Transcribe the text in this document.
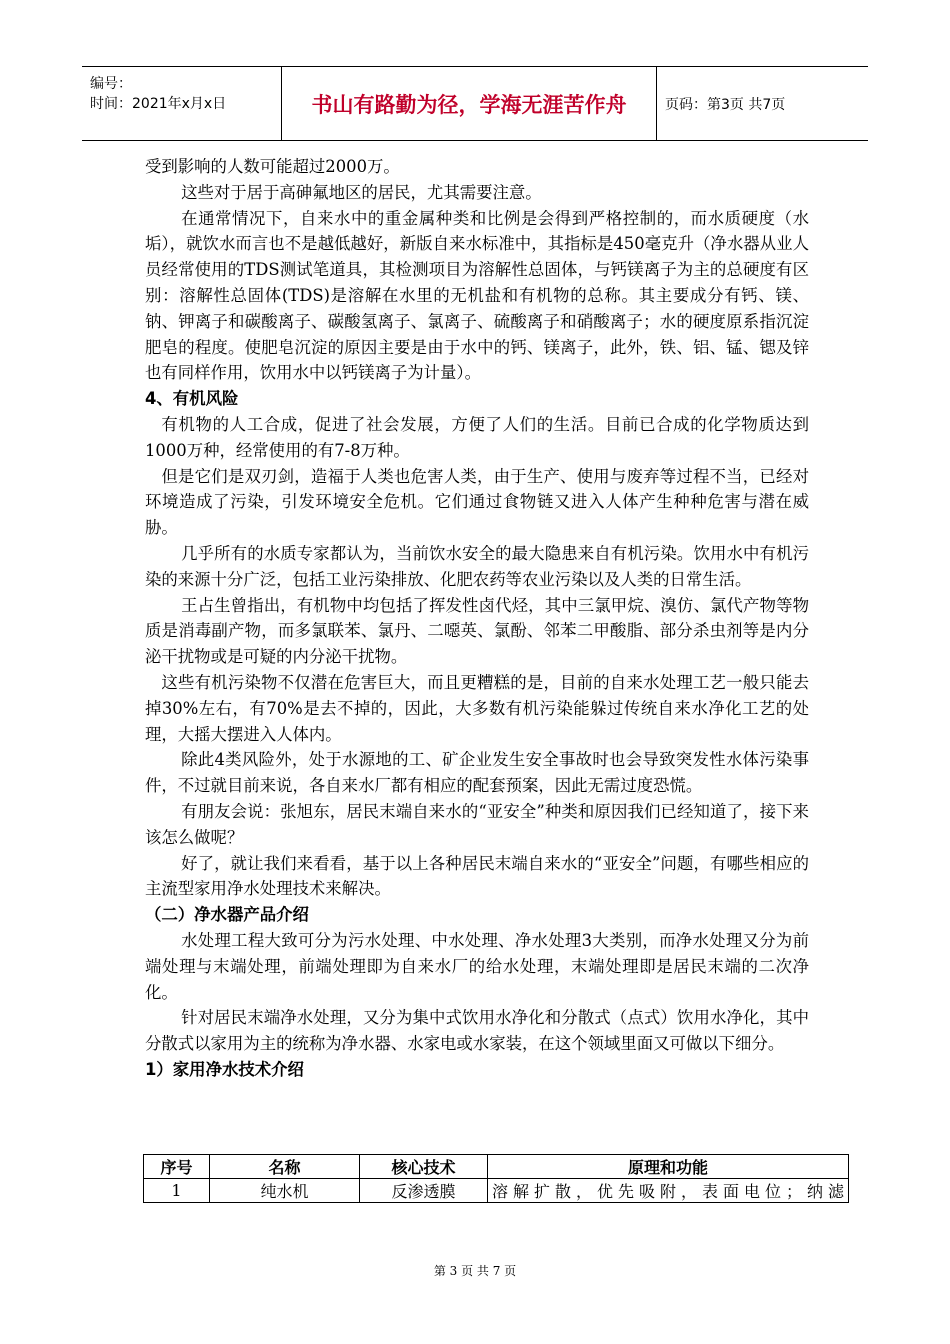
编号：
时间：2021年x月x日	书山有路勤为径，学海无涯苦作舟	页码：第3页 共7页

受到影响的人数可能超过2000万。

这些对于居于高砷氟地区的居民，尤其需要注意。

在通常情况下，自来水中的重金属种类和比例是会得到严格控制的，而水质硬度（水垢），就饮水而言也不是越低越好，新版自来水标准中，其指标是450毫克升（净水器从业人员经常使用的TDS测试笔道具，其检测项目为溶解性总固体，与钙镁离子为主的总硬度有区别：溶解性总固体(TDS)是溶解在水里的无机盐和有机物的总称。其主要成分有钙、镁、钠、钾离子和碳酸离子、碳酸氢离子、氯离子、硫酸离子和硝酸离子；水的硬度原系指沉淀肥皂的程度。使肥皂沉淀的原因主要是由于水中的钙、镁离子，此外，铁、铝、锰、锶及锌也有同样作用，饮用水中以钙镁离子为计量）。

4、有机风险

有机物的人工合成，促进了社会发展，方便了人们的生活。目前已合成的化学物质达到1000万种，经常使用的有7-8万种。

但是它们是双刃剑，造福于人类也危害人类，由于生产、使用与废弃等过程不当，已经对环境造成了污染，引发环境安全危机。它们通过食物链又进入人体产生种种危害与潜在威胁。

几乎所有的水质专家都认为，当前饮水安全的最大隐患来自有机污染。饮用水中有机污染的来源十分广泛，包括工业污染排放、化肥农药等农业污染以及人类的日常生活。

王占生曾指出，有机物中均包括了挥发性卤代烃，其中三氯甲烷、溴仿、氯代产物等物质是消毒副产物，而多氯联苯、氯丹、二噁英、氯酚、邻苯二甲酸脂、部分杀虫剂等是内分泌干扰物或是可疑的内分泌干扰物。

这些有机污染物不仅潜在危害巨大，而且更糟糕的是，目前的自来水处理工艺一般只能去掉30%左右，有70%是去不掉的，因此，大多数有机污染能躲过传统自来水净化工艺的处理，大摇大摆进入人体内。

除此4类风险外，处于水源地的工、矿企业发生安全事故时也会导致突发性水体污染事件，不过就目前来说，各自来水厂都有相应的配套预案，因此无需过度恐慌。

有朋友会说：张旭东，居民末端自来水的“亚安全”种类和原因我们已经知道了，接下来该怎么做呢？

好了，就让我们来看看，基于以上各种居民末端自来水的“亚安全”问题，有哪些相应的主流型家用净水处理技术来解决。

（二）净水器产品介绍

水处理工程大致可分为污水处理、中水处理、净水处理3大类别，而净水处理又分为前端处理与末端处理，前端处理即为自来水厂的给水处理，末端处理即是居民末端的二次净化。

针对居民末端净水处理，又分为集中式饮用水净化和分散式（点式）饮用水净化，其中分散式以家用为主的统称为净水器、水家电或水家装，在这个领域里面又可做以下细分。

1）家用净水技术介绍

序号	名称	核心技术	原理和功能
1	纯水机	反渗透膜	溶解扩散，优先吸附，表面电位；纳滤
第 3 页 共 7 页
